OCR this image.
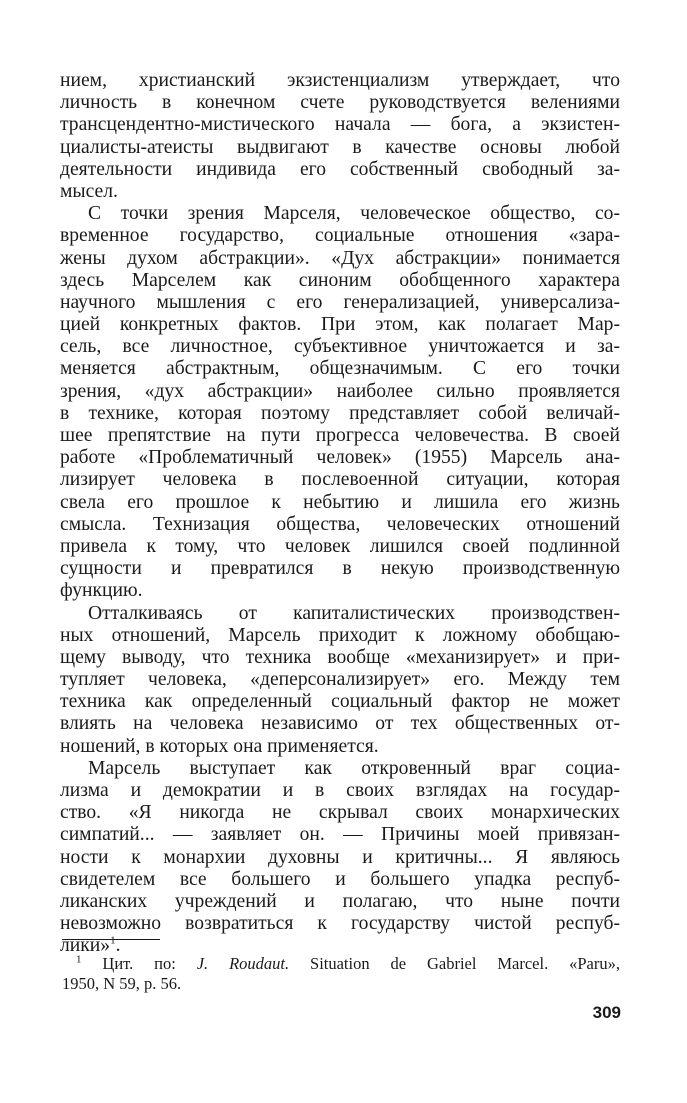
нием, христианский экзистенциализм утверждает, что
личность в конечном счете руководствуется велениями
трансцендентно-мистического начала — бога, а экзистен-
циалисты-атеисты выдвигают в качестве основы любой
деятельности индивида его собственный свободный за-
мысел.
С точки зрения Марселя, человеческое общество, со-
временное государство, социальные отношения «зара-
жены духом абстракции». «Дух абстракции» понимается
здесь Марселем как синоним обобщенного характера
научного мышления с его генерализацией, универсализа-
цией конкретных фактов. При этом, как полагает Мар-
сель, все личностное, субъективное уничтожается и за-
меняется абстрактным, общезначимым. С его точки
зрения, «дух абстракции» наиболее сильно проявляется
в технике, которая поэтому представляет собой величай-
шее препятствие на пути прогресса человечества. В своей
работе «Проблематичный человек» (1955) Марсель ана-
лизирует человека в послевоенной ситуации, которая
свела его прошлое к небытию и лишила его жизнь
смысла. Технизация общества, человеческих отношений
привела к тому, что человек лишился своей подлинной
сущности и превратился в некую производственную
функцию.
Отталкиваясь от капиталистических производствен-
ных отношений, Марсель приходит к ложному обобщаю-
щему выводу, что техника вообще «механизирует» и при-
тупляет человека, «деперсонализирует» его. Между тем
техника как определенный социальный фактор не может
влиять на человека независимо от тех общественных от-
ношений, в которых она применяется.
Марсель выступает как откровенный враг социа-
лизма и демократии и в своих взглядах на государ-
ство. «Я никогда не скрывал своих монархических
симпатий... — заявляет он. — Причины моей привязан-
ности к монархии духовны и критичны... Я являюсь
свидетелем все большего и большего упадка респуб-
ликанских учреждений и полагаю, что ныне почти
невозможно возвратиться к государству чистой респуб-
лики»$^1$.
$^1$ Цит. по: J. Roudaut. Situation de Gabriel Marcel. «Paru»,
1950, N 59, p. 56.
309
